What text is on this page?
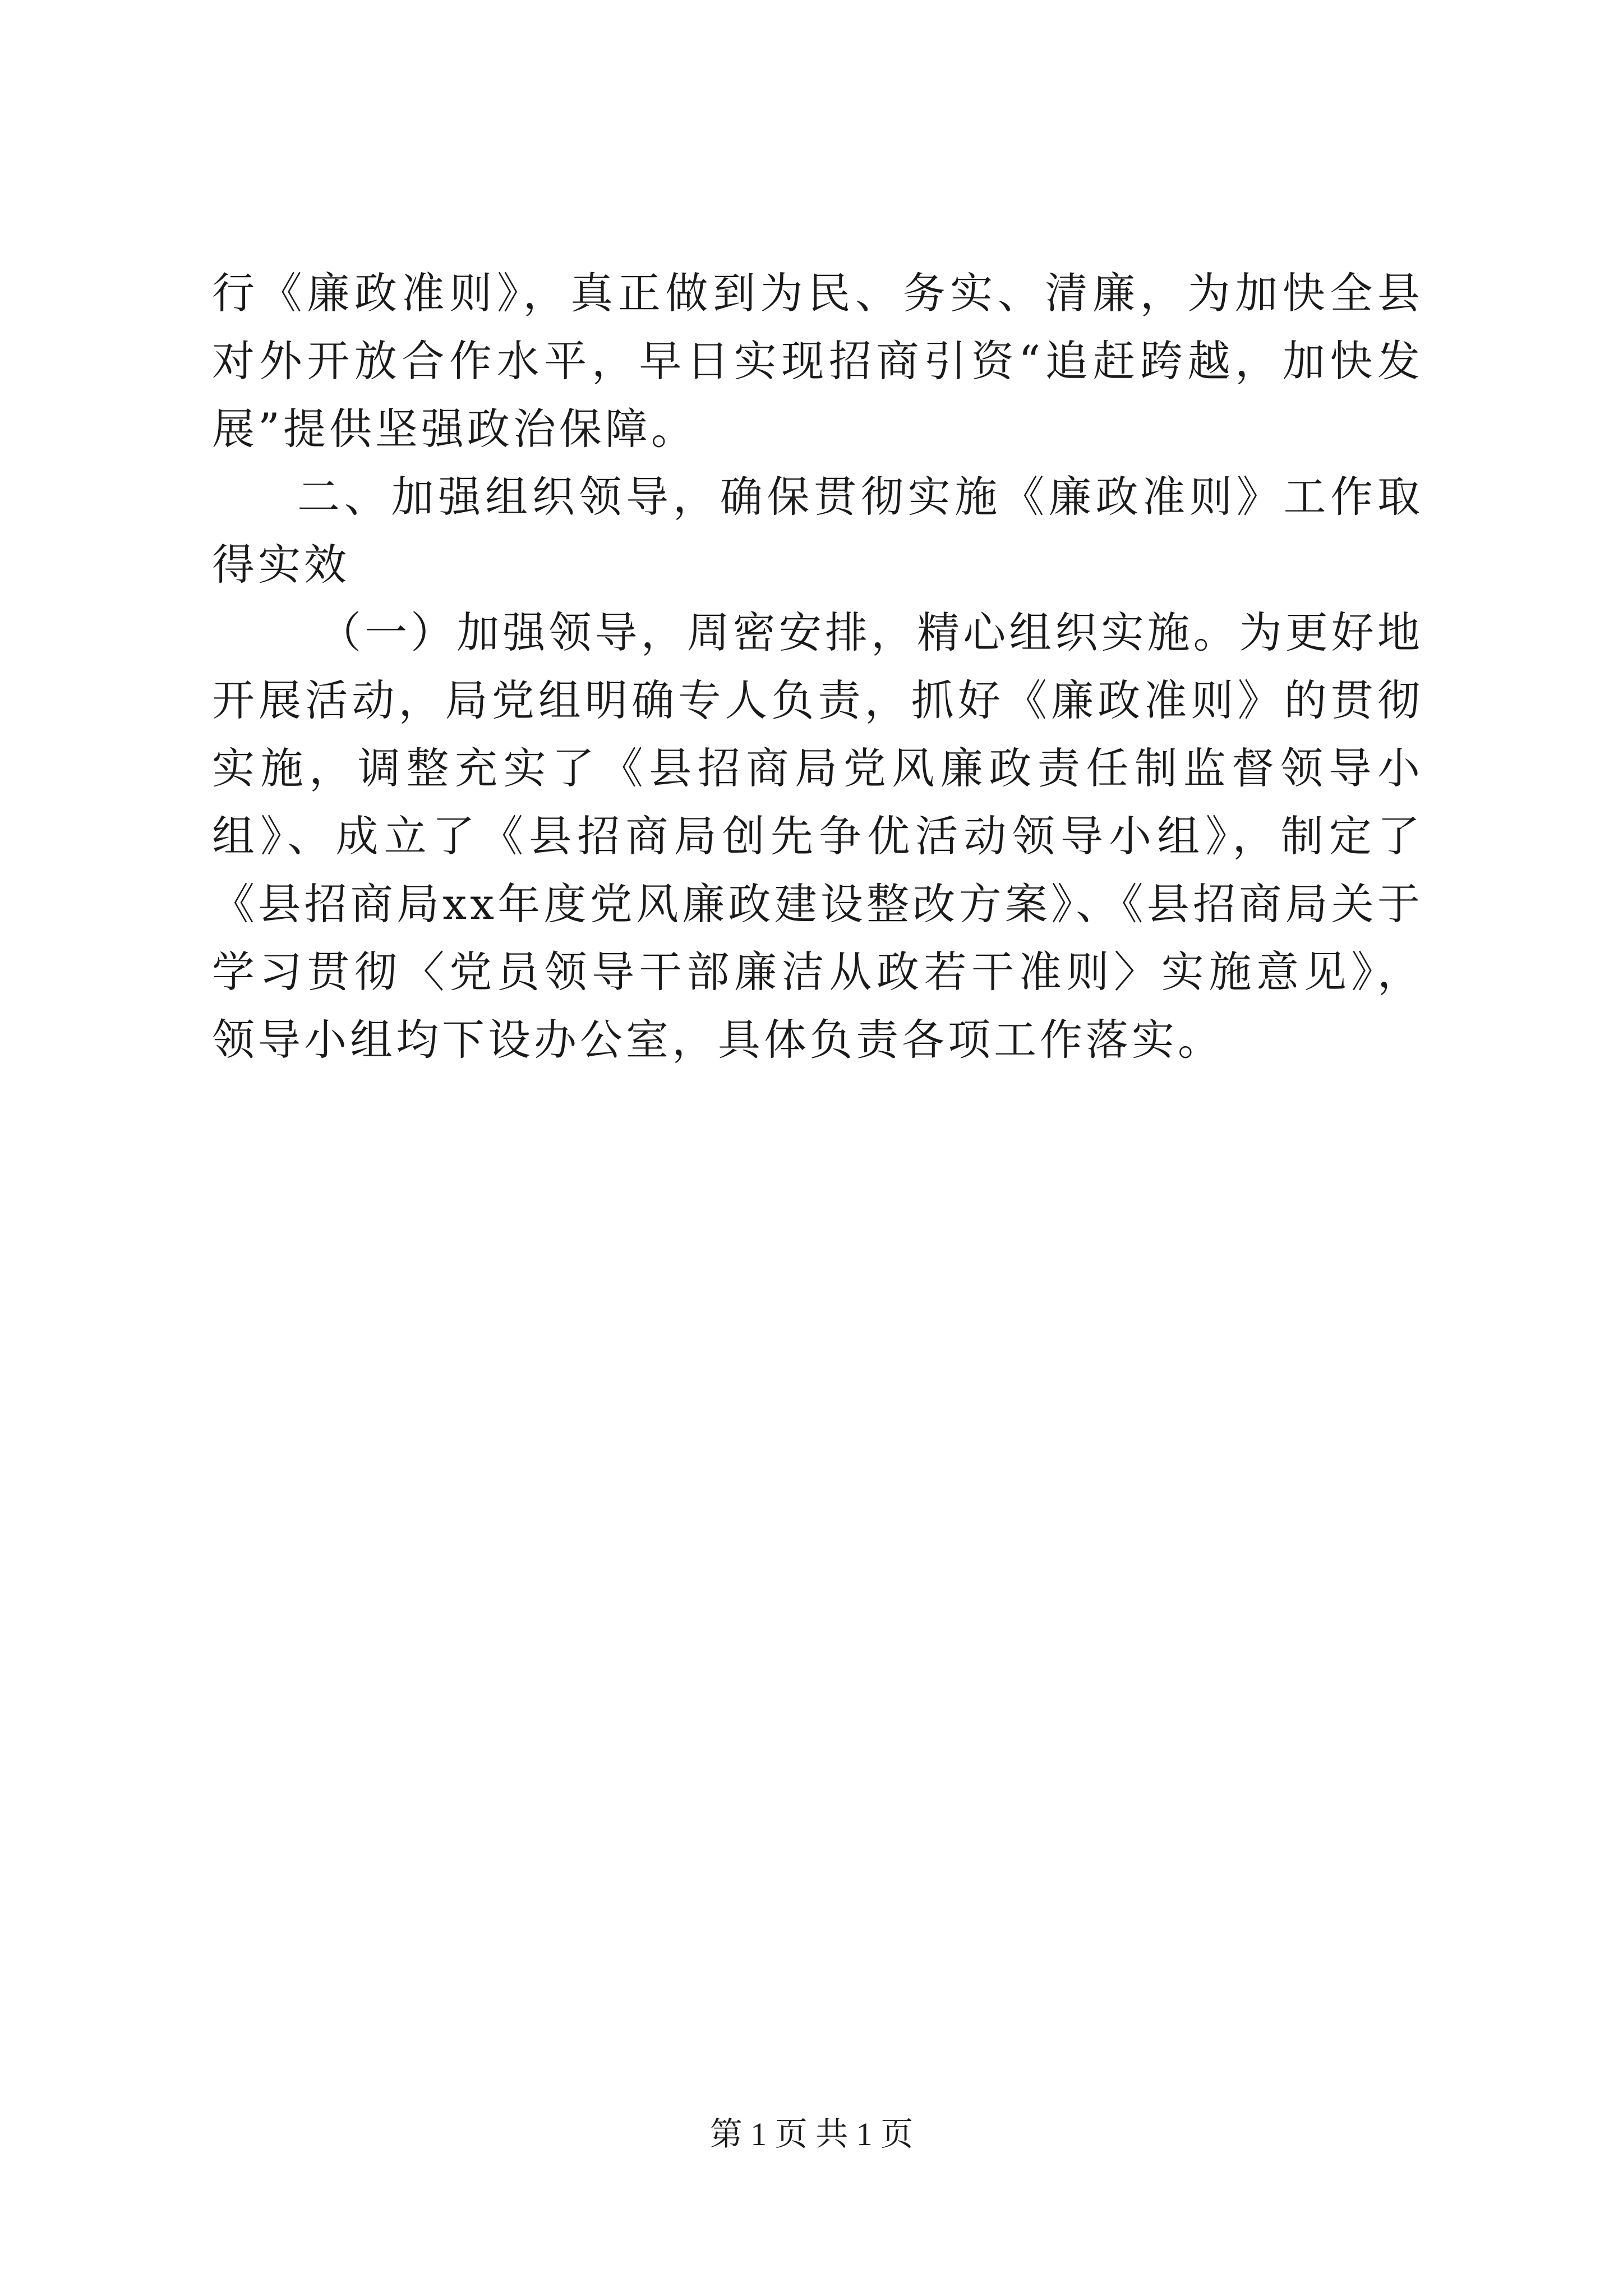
行《廉政准则》，真正做到为民、务实、清廉，为加快全县对外开放合作水平，早日实现招商引资“追赶跨越，加快发展”提供坚强政治保障。

二、加强组织领导，确保贯彻实施《廉政准则》工作取得实效

（一）加强领导，周密安排，精心组织实施。为更好地开展活动，局党组明确专人负责，抓好《廉政准则》的贯彻实施，调整充实了《县招商局党风廉政责任制监督领导小组》、成立了《县招商局创先争优活动领导小组》，制定了《县招商局xx年度党风廉政建设整改方案》、《县招商局关于学习贯彻〈党员领导干部廉洁从政若干准则〉实施意见》，领导小组均下设办公室，具体负责各项工作落实。

第 1 页 共 1 页
